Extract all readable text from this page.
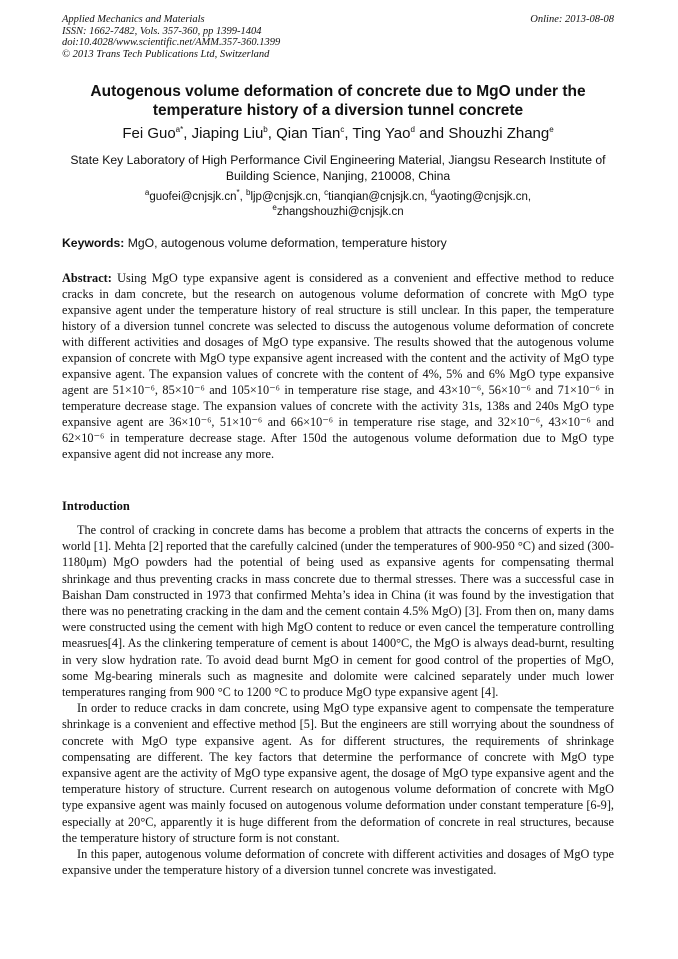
Applied Mechanics and Materials
ISSN: 1662-7482, Vols. 357-360, pp 1399-1404
doi:10.4028/www.scientific.net/AMM.357-360.1399
© 2013 Trans Tech Publications Ltd, Switzerland
Online: 2013-08-08
Autogenous volume deformation of concrete due to MgO under the temperature history of a diversion tunnel concrete
Fei Guo$^{a*}$, Jiaping Liu$^b$, Qian Tian$^c$, Ting Yao$^d$ and Shouzhi Zhang$^e$
State Key Laboratory of High Performance Civil Engineering Material, Jiangsu Research Institute of Building Science, Nanjing, 210008, China
$^a$guofei@cnjsjk.cn*, $^b$ljp@cnjsjk.cn, $^c$tianqian@cnjsjk.cn, $^d$yaoting@cnjsjk.cn,
$^e$zhangshouzhi@cnjsjk.cn
Keywords: MgO, autogenous volume deformation, temperature history
Abstract: Using MgO type expansive agent is considered as a convenient and effective method to reduce cracks in dam concrete, but the research on autogenous volume deformation of concrete with MgO type expansive agent under the temperature history of real structure is still unclear. In this paper, the temperature history of a diversion tunnel concrete was selected to discuss the autogenous volume deformation of concrete with different activities and dosages of MgO type expansive. The results showed that the autogenous volume expansion of concrete with MgO type expansive agent increased with the content and the activity of MgO type expansive agent. The expansion values of concrete with the content of 4%, 5% and 6% MgO type expansive agent are 51×10⁻⁶, 85×10⁻⁶ and 105×10⁻⁶ in temperature rise stage, and 43×10⁻⁶, 56×10⁻⁶ and 71×10⁻⁶ in temperature decrease stage. The expansion values of concrete with the activity 31s, 138s and 240s MgO type expansive agent are 36×10⁻⁶, 51×10⁻⁶ and 66×10⁻⁶ in temperature rise stage, and 32×10⁻⁶, 43×10⁻⁶ and 62×10⁻⁶ in temperature decrease stage. After 150d the autogenous volume deformation due to MgO type expansive agent did not increase any more.
Introduction

The control of cracking in concrete dams has become a problem that attracts the concerns of experts in the world [1]. Mehta [2] reported that the carefully calcined (under the temperatures of 900-950 °C) and sized (300-1180μm) MgO powders had the potential of being used as expansive agents for compensating thermal shrinkage and thus preventing cracks in mass concrete due to thermal stresses. There was a successful case in Baishan Dam constructed in 1973 that confirmed Mehta’s idea in China (it was found by the investigation that there was no penetrating cracking in the dam and the cement contain 4.5% MgO) [3]. From then on, many dams were constructed using the cement with high MgO content to reduce or even cancel the temperature controlling measrues[4]. As the clinkering temperature of cement is about 1400°C, the MgO is always dead-burnt, resulting in very slow hydration rate. To avoid dead burnt MgO in cement for good control of the properties of MgO, some Mg-bearing minerals such as magnesite and dolomite were calcined separately under much lower temperatures ranging from 900 °C to 1200 °C to produce MgO type expansive agent [4].

In order to reduce cracks in dam concrete, using MgO type expansive agent to compensate the temperature shrinkage is a convenient and effective method [5]. But the engineers are still worrying about the soundness of concrete with MgO type expansive agent. As for different structures, the requirements of shrinkage compensating are different. The key factors that determine the performance of concrete with MgO type expansive agent are the activity of MgO type expansive agent, the dosage of MgO type expansive agent and the temperature history of structure. Current research on autogenous volume deformation of concrete with MgO type expansive agent was mainly focused on autogenous volume deformation under constant temperature [6-9], especially at 20°C, apparently it is huge different from the deformation of concrete in real structures, because the temperature history of structure form is not constant.

In this paper, autogenous volume deformation of concrete with different activities and dosages of MgO type expansive under the temperature history of a diversion tunnel concrete was investigated.
